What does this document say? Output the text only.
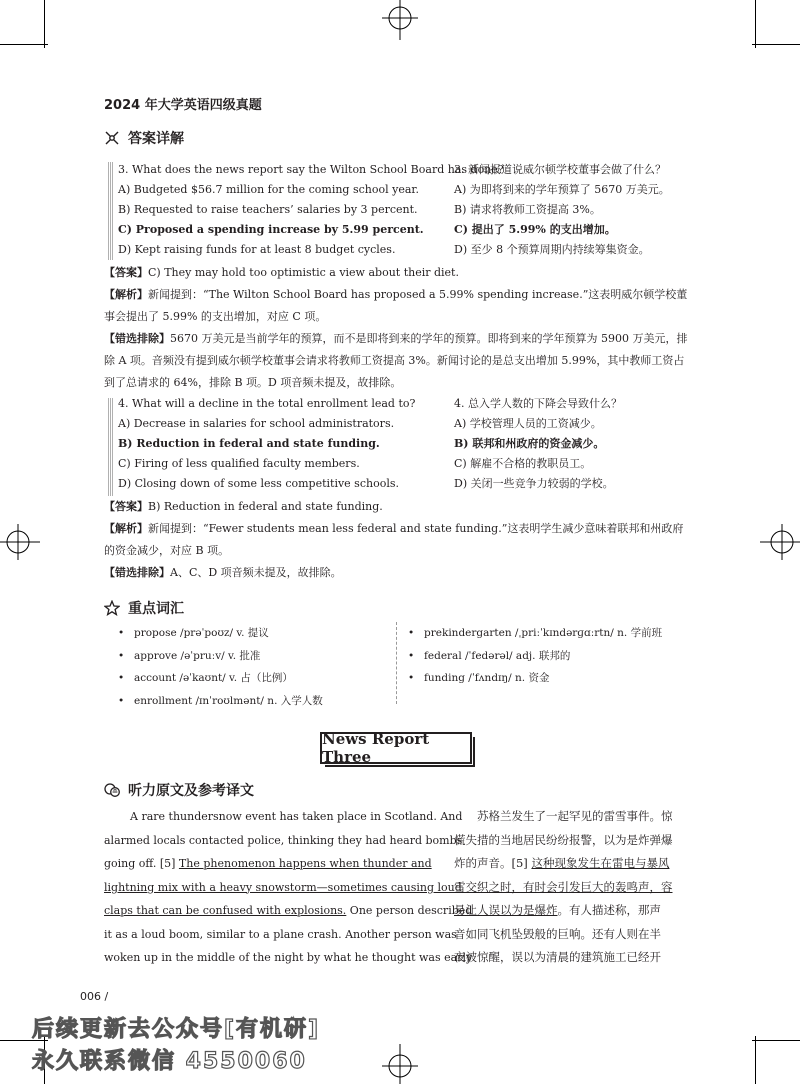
2024 年大学英语四级真题
答案详解
3. What does the news report say the Wilton School Board has done?
A) Budgeted $56.7 million for the coming school year.
B) Requested to raise teachers’ salaries by 3 percent.
C) Proposed a spending increase by 5.99 percent.
D) Kept raising funds for at least 8 budget cycles.
3. 新闻报道说威尔顿学校董事会做了什么？
A) 为即将到来的学年预算了 5670 万美元。
B) 请求将教师工资提高 3%。
C) 提出了 5.99% 的支出增加。
D) 至少 8 个预算周期内持续筹集资金。

【答案】C) They may hold too optimistic a view about their diet.

【解析】新闻提到：“The Wilton School Board has proposed a 5.99% spending increase.”这表明威尔顿学校董事会提出了 5.99% 的支出增加，对应 C 项。

【错选排除】5670 万美元是当前学年的预算，而不是即将到来的学年的预算。即将到来的学年预算为 5900 万美元，排除 A 项。音频没有提到威尔顿学校董事会请求将教师工资提高 3%。新闻讨论的是总支出增加 5.99%，其中教师工资占到了总请求的 64%，排除 B 项。D 项音频未提及，故排除。

4. What will a decline in the total enrollment lead to?
A) Decrease in salaries for school administrators.
B) Reduction in federal and state funding.
C) Firing of less qualified faculty members.
D) Closing down of some less competitive schools.
4. 总入学人数的下降会导致什么？
A) 学校管理人员的工资减少。
B) 联邦和州政府的资金减少。
C) 解雇不合格的教职员工。
D) 关闭一些竞争力较弱的学校。

【答案】B) Reduction in federal and state funding.

【解析】新闻提到：“Fewer students mean less federal and state funding.”这表明学生减少意味着联邦和州政府的资金减少，对应 B 项。

【错选排除】A、C、D 项音频未提及，故排除。

重点词汇
• propose /prəˈpoʊz/ v. 提议
• approve /əˈpruːv/ v. 批准
• account /əˈkaʊnt/ v. 占（比例）
• enrollment /ɪnˈroʊlmənt/ n. 入学人数
• prekindergarten /ˌpriːˈkɪndərɡɑːrtn/ n. 学前班
• federal /ˈfedərəl/ adj. 联邦的
• funding /ˈfʌndɪŋ/ n. 资金
News Report Three
听力原文及参考译文
A rare thundersnow event has taken place in Scotland. And
alarmed locals contacted police, thinking they had heard bombs
going off. [5] The phenomenon happens when thunder and
lightning mix with a heavy snowstorm—sometimes causing loud
claps that can be confused with explosions. One person described
it as a loud boom, similar to a plane crash. Another person was
woken up in the middle of the night by what he thought was early
苏格兰发生了一起罕见的雷雪事件。惊
慌失措的当地居民纷纷报警，以为是炸弹爆
炸的声音。[5] 这种现象发生在雷电与暴风
雪交织之时，有时会引发巨大的轰鸣声，容
易让人误以为是爆炸。有人描述称，那声
音如同飞机坠毁般的巨响。还有人则在半
夜被惊醒，误以为清晨的建筑施工已经开
006 /
后续更新去公众号[有机研]
永久联系微信 4550060
